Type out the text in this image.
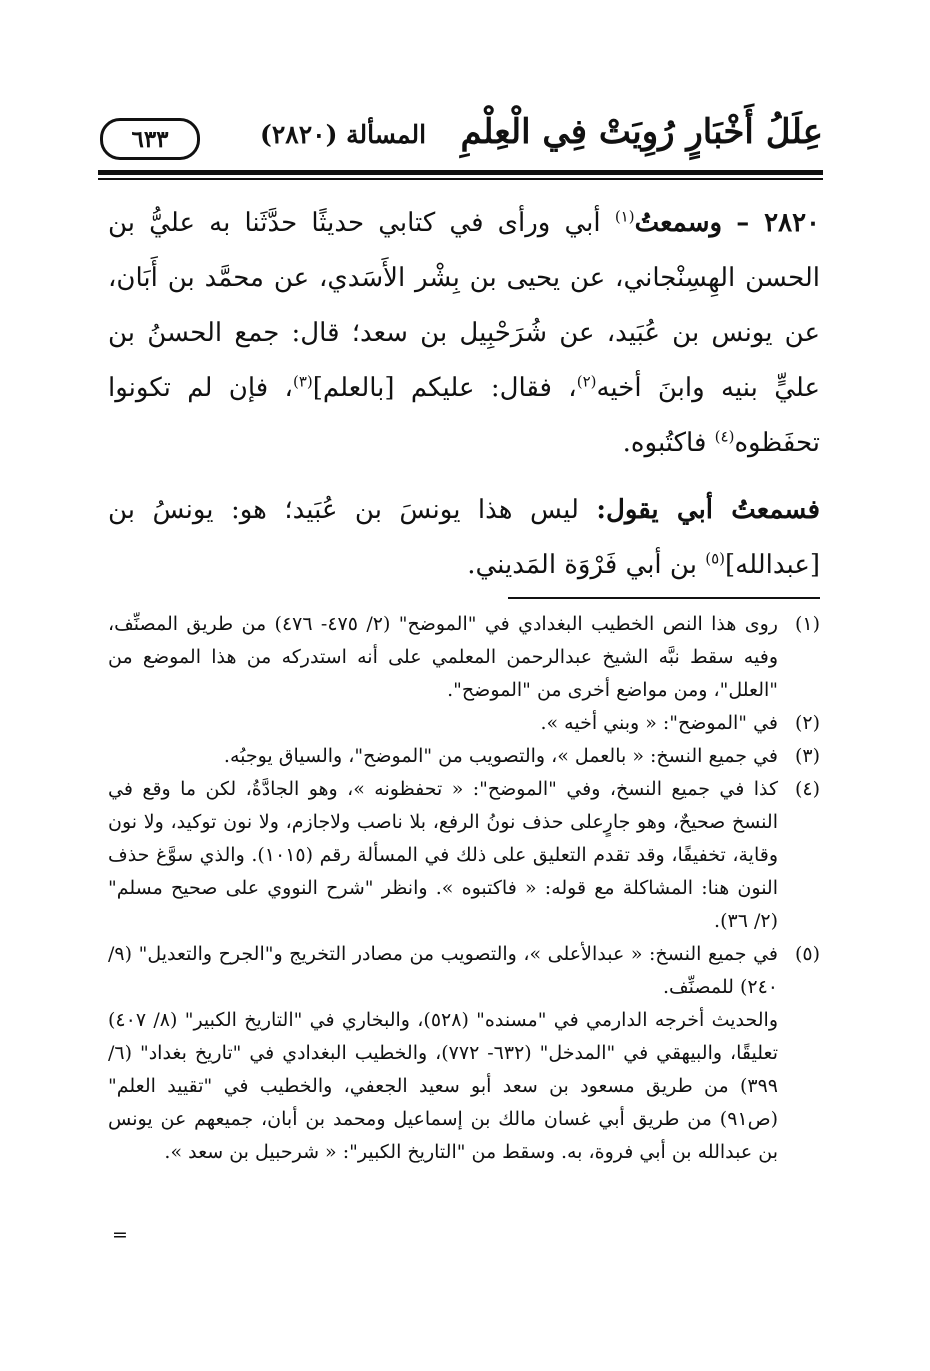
عِلَلُ أَخْبَارٍ رُوِيَتْ فِي الْعِلْمِ
المسألة (٢٨٢٠)
٦٣٣

٢٨٢٠ – وسمعتُ$^{(١)}$ أبي ورأى في كتابي حديثًا حدَّثَنا به عليُّ بن الحسن الهِسِنْجاني، عن يحيى بن بِشْر الأَسَدي، عن محمَّد بن أَبَان، عن يونس بن عُبَيد، عن شُرَحْبِيل بن سعد؛ قال: جمع الحسنُ بن عليٍّ بنيه وابنَ أخيه$^{(٢)}$، فقال: عليكم [بالعلم]$^{(٣)}$، فإن لم تكونوا تحفَظوه$^{(٤)}$ فاكتُبوه.

فسمعتُ أبي يقول: ليس هذا يونسَ بن عُبَيد؛ هو: يونسُ بن [عبدالله]$^{(٥)}$ بن أبي فَرْوَة المَديني.

(١)
روى هذا النص الخطيب البغدادي في "الموضح" (٢/ ٤٧٥- ٤٧٦) من طريق المصنِّف، وفيه سقط نبَّه الشيخ عبدالرحمن المعلمي على أنه استدركه من هذا الموضع من "العلل"، ومن مواضع أخرى من "الموضح".
(٢)
في "الموضح": « وبني أخيه ».
(٣)
في جميع النسخ: « بالعمل »، والتصويب من "الموضح"، والسياق يوجبُه.
(٤)
كذا في جميع النسخ، وفي "الموضح": « تحفظونه »، وهو الجادَّةُ، لكن ما وقع في النسخ صحيحٌ، وهو جارٍعلى حذف نونُ الرفع، بلا ناصب ولاجازم، ولا نون توكيد، ولا نون وقاية، تخفيفًا، وقد تقدم التعليق على ذلك في المسألة رقم (١٠١٥). والذي سوَّغ حذف النون هنا: المشاكلة مع قوله: « فاكتبوه ». وانظر "شرح النووي على صحيح مسلم" (٢/ ٣٦).
(٥)
في جميع النسخ: « عبدالأعلى »، والتصويب من مصادر التخريج و"الجرح والتعديل" (٩/ ٢٤٠) للمصنِّف.
والحديث أخرجه الدارمي في "مسنده" (٥٢٨)، والبخاري في "التاريخ الكبير" (٨/ ٤٠٧) تعليقًا، والبيهقي في "المدخل" (٦٣٢- ٧٧٢)، والخطيب البغدادي في "تاريخ بغداد" (٦/ ٣٩٩) من طريق مسعود بن سعد أبو سعيد الجعفي، والخطيب في "تقييد العلم" (ص٩١) من طريق أبي غسان مالك بن إسماعيل ومحمد بن أبان، جميعهم عن يونس بن عبدالله بن أبي فروة، به. وسقط من "التاريخ الكبير": « شرحبيل بن سعد ».
=
